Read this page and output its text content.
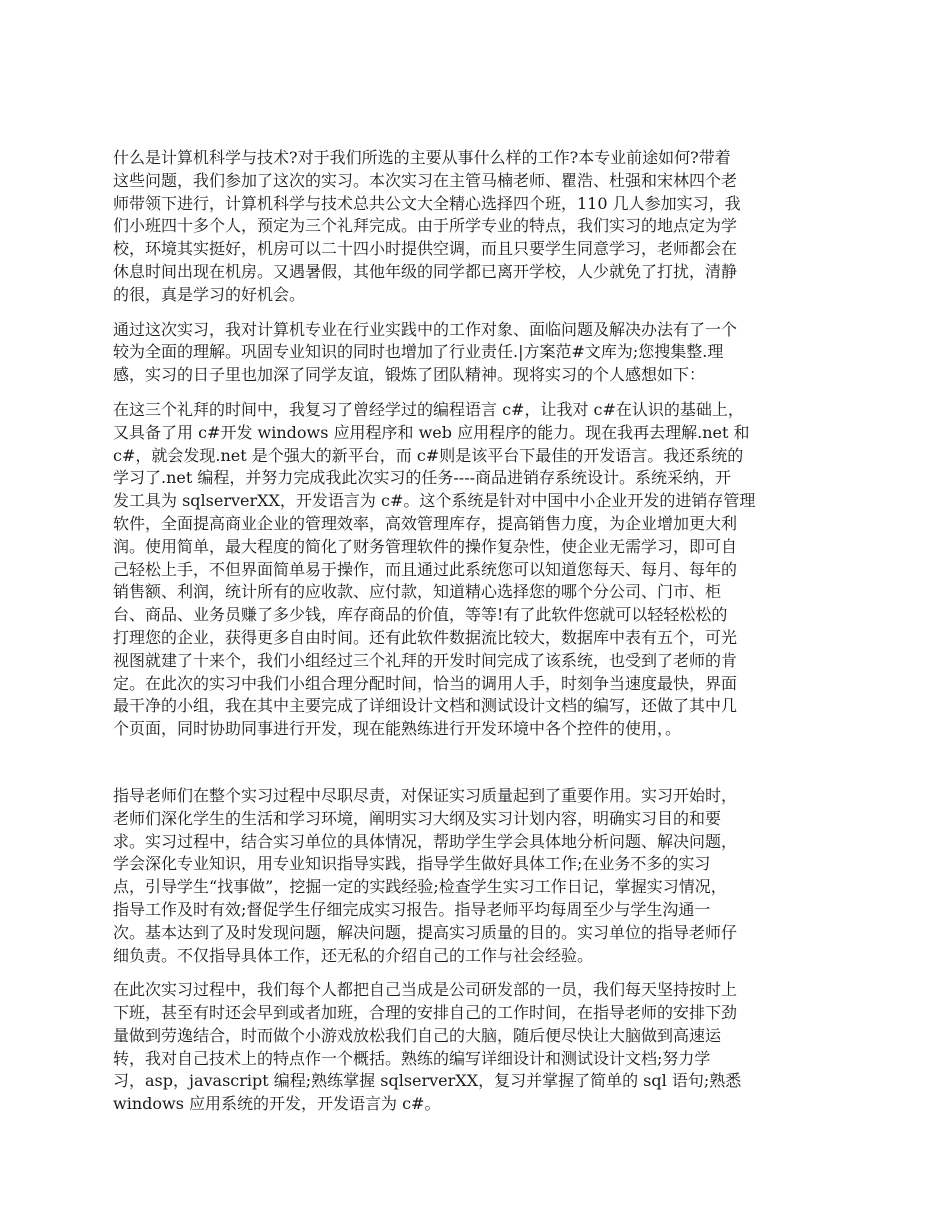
什么是计算机科学与技术?对于我们所选的主要从事什么样的工作?本专业前途如何?带着
这些问题，我们参加了这次的实习。本次实习在主管马楠老师、瞿浩、杜强和宋林四个老
师带领下进行，计算机科学与技术总共公文大全精心选择四个班，110 几人参加实习，我
们小班四十多个人，预定为三个礼拜完成。由于所学专业的特点，我们实习的地点定为学
校，环境其实挺好，机房可以二十四小时提供空调，而且只要学生同意学习，老师都会在
休息时间出现在机房。又遇暑假，其他年级的同学都已离开学校，人少就免了打扰，清静
的很，真是学习的好机会。

通过这次实习，我对计算机专业在行业实践中的工作对象、面临问题及解决办法有了一个
较为全面的理解。巩固专业知识的同时也增加了行业责任.|方案范#文库为;您搜集整.理
感，实习的日子里也加深了同学友谊，锻炼了团队精神。现将实习的个人感想如下：

在这三个礼拜的时间中，我复习了曾经学过的编程语言 c#，让我对 c#在认识的基础上，
又具备了用 c#开发 windows 应用程序和 web 应用程序的能力。现在我再去理解.net 和
c#，就会发现.net 是个强大的新平台，而 c#则是该平台下最佳的开发语言。我还系统的
学习了.net 编程，并努力完成我此次实习的任务----商品进销存系统设计。系统采纳，开
发工具为 sqlserverXX，开发语言为 c#。这个系统是针对中国中小企业开发的进销存管理
软件，全面提高商业企业的管理效率，高效管理库存，提高销售力度，为企业增加更大利
润。使用简单，最大程度的简化了财务管理软件的操作复杂性，使企业无需学习，即可自
己轻松上手，不但界面简单易于操作，而且通过此系统您可以知道您每天、每月、每年的
销售额、利润，统计所有的应收款、应付款，知道精心选择您的哪个分公司、门市、柜
台、商品、业务员赚了多少钱，库存商品的价值，等等!有了此软件您就可以轻轻松松的
打理您的企业，获得更多自由时间。还有此软件数据流比较大，数据库中表有五个，可光
视图就建了十来个，我们小组经过三个礼拜的开发时间完成了该系统，也受到了老师的肯
定。在此次的实习中我们小组合理分配时间，恰当的调用人手，时刻争当速度最快，界面
最干净的小组，我在其中主要完成了详细设计文档和测试设计文档的编写，还做了其中几
个页面，同时协助同事进行开发，现在能熟练进行开发环境中各个控件的使用，。

指导老师们在整个实习过程中尽职尽责，对保证实习质量起到了重要作用。实习开始时，
老师们深化学生的生活和学习环境，阐明实习大纲及实习计划内容，明确实习目的和要
求。实习过程中，结合实习单位的具体情况，帮助学生学会具体地分析问题、解决问题，
学会深化专业知识，用专业知识指导实践，指导学生做好具体工作;在业务不多的实习
点，引导学生“找事做”，挖掘一定的实践经验;检查学生实习工作日记，掌握实习情况，
指导工作及时有效;督促学生仔细完成实习报告。指导老师平均每周至少与学生沟通一
次。基本达到了及时发现问题，解决问题，提高实习质量的目的。实习单位的指导老师仔
细负责。不仅指导具体工作，还无私的介绍自己的工作与社会经验。

在此次实习过程中，我们每个人都把自己当成是公司研发部的一员，我们每天坚持按时上
下班，甚至有时还会早到或者加班，合理的安排自己的工作时间，在指导老师的安排下劲
量做到劳逸结合，时而做个小游戏放松我们自己的大脑，随后便尽快让大脑做到高速运
转，我对自己技术上的特点作一个概括。熟练的编写详细设计和测试设计文档;努力学
习，asp，javascript 编程;熟练掌握 sqlserverXX，复习并掌握了简单的 sql 语句;熟悉
windows 应用系统的开发，开发语言为 c#。
